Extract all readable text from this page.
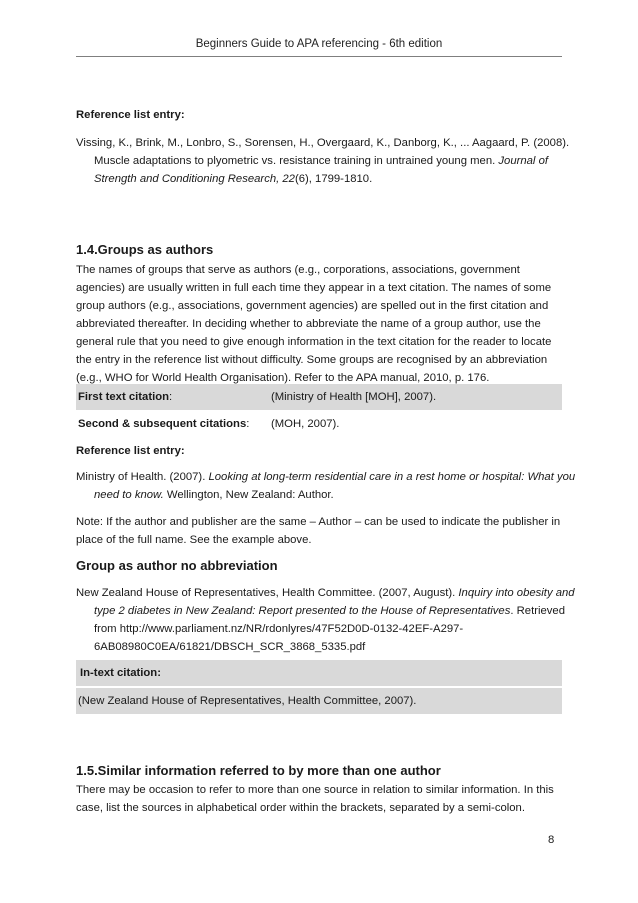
Beginners Guide to APA referencing - 6th edition

Reference list entry:

Vissing, K., Brink, M., Lonbro, S., Sorensen, H., Overgaard, K., Danborg, K., ... Aagaard, P. (2008). Muscle adaptations to plyometric vs. resistance training in untrained young men. Journal of Strength and Conditioning Research, 22(6), 1799-1810.

1.4.Groups as authors

The names of groups that serve as authors (e.g., corporations, associations, government agencies) are usually written in full each time they appear in a text citation. The names of some group authors (e.g., associations, government agencies) are spelled out in the first citation and abbreviated thereafter. In deciding whether to abbreviate the name of a group author, use the general rule that you need to give enough information in the text citation for the reader to locate the entry in the reference list without difficulty. Some groups are recognised by an abbreviation (e.g., WHO for World Health Organisation). Refer to the APA manual, 2010, p. 176.

First text citation:	(Ministry of Health [MOH], 2007).
Second & subsequent citations: (MOH, 2007).

Reference list entry:

Ministry of Health. (2007). Looking at long-term residential care in a rest home or hospital: What you need to know. Wellington, New Zealand: Author.

Note: If the author and publisher are the same – Author – can be used to indicate the publisher in place of the full name. See the example above.

Group as author no abbreviation

New Zealand House of Representatives, Health Committee. (2007, August). Inquiry into obesity and type 2 diabetes in New Zealand: Report presented to the House of Representatives. Retrieved from http://www.parliament.nz/NR/rdonlyres/47F52D0D-0132-42EF-A297-6AB08980C0EA/61821/DBSCH_SCR_3868_5335.pdf

In-text citation:
(New Zealand House of Representatives, Health Committee, 2007).

1.5.Similar information referred to by more than one author

There may be occasion to refer to more than one source in relation to similar information. In this case, list the sources in alphabetical order within the brackets, separated by a semi-colon.

8
